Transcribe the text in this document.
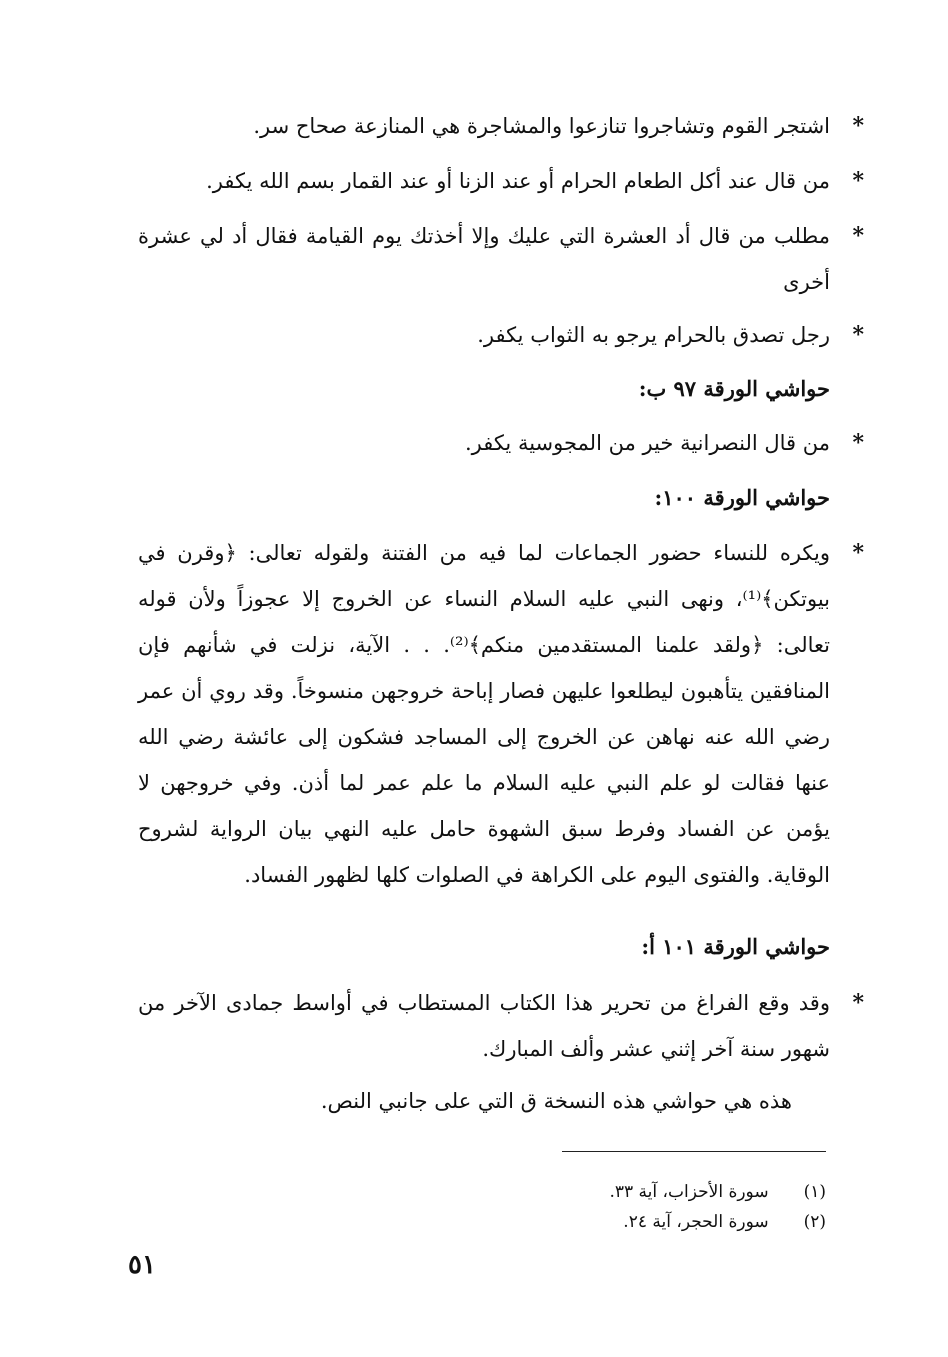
*
اشتجر القوم وتشاجروا تنازعوا والمشاجرة هي المنازعة صحاح سر.
*
من قال عند أكل الطعام الحرام أو عند الزنا أو عند القمار بسم الله يكفر.
*
مطلب من قال أد العشرة التي عليك وإلا أخذتك يوم القيامة فقال أد لي عشرة أخرى
*
رجل تصدق بالحرام يرجو به الثواب يكفر.
حواشي الورقة ٩٧ ب:
*
من قال النصرانية خير من المجوسية يكفر.
حواشي الورقة ١٠٠:
*
ويكره للنساء حضور الجماعات لما فيه من الفتنة ولقوله تعالى: ﴿وقرن في بيوتكن﴾⁽¹⁾، ونهى النبي عليه السلام النساء عن الخروج إلا عجوزاً ولأن قوله تعالى: ﴿ولقد علمنا المستقدمين منكم﴾⁽²⁾. . . الآية، نزلت في شأنهم فإن المنافقين يتأهبون ليطلعوا عليهن فصار إباحة خروجهن منسوخاً. وقد روي أن عمر رضي الله عنه نهاهن عن الخروج إلى المساجد فشكون إلى عائشة رضي الله عنها فقالت لو علم النبي عليه السلام ما علم عمر لما أذن. وفي خروجهن لا يؤمن عن الفساد وفرط سبق الشهوة حامل عليه النهي بيان الرواية لشروح الوقاية. والفتوى اليوم على الكراهة في الصلوات كلها لظهور الفساد.
حواشي الورقة ١٠١ أ:
*
وقد وقع الفراغ من تحرير هذا الكتاب المستطاب في أواسط جمادى الآخر من شهور سنة آخر إثني عشر وألف المبارك.
هذه هي حواشي هذه النسخة ق التي على جانبي النص.
(١) سورة الأحزاب، آية ٣٣.
(٢) سورة الحجر، آية ٢٤.
٥١
